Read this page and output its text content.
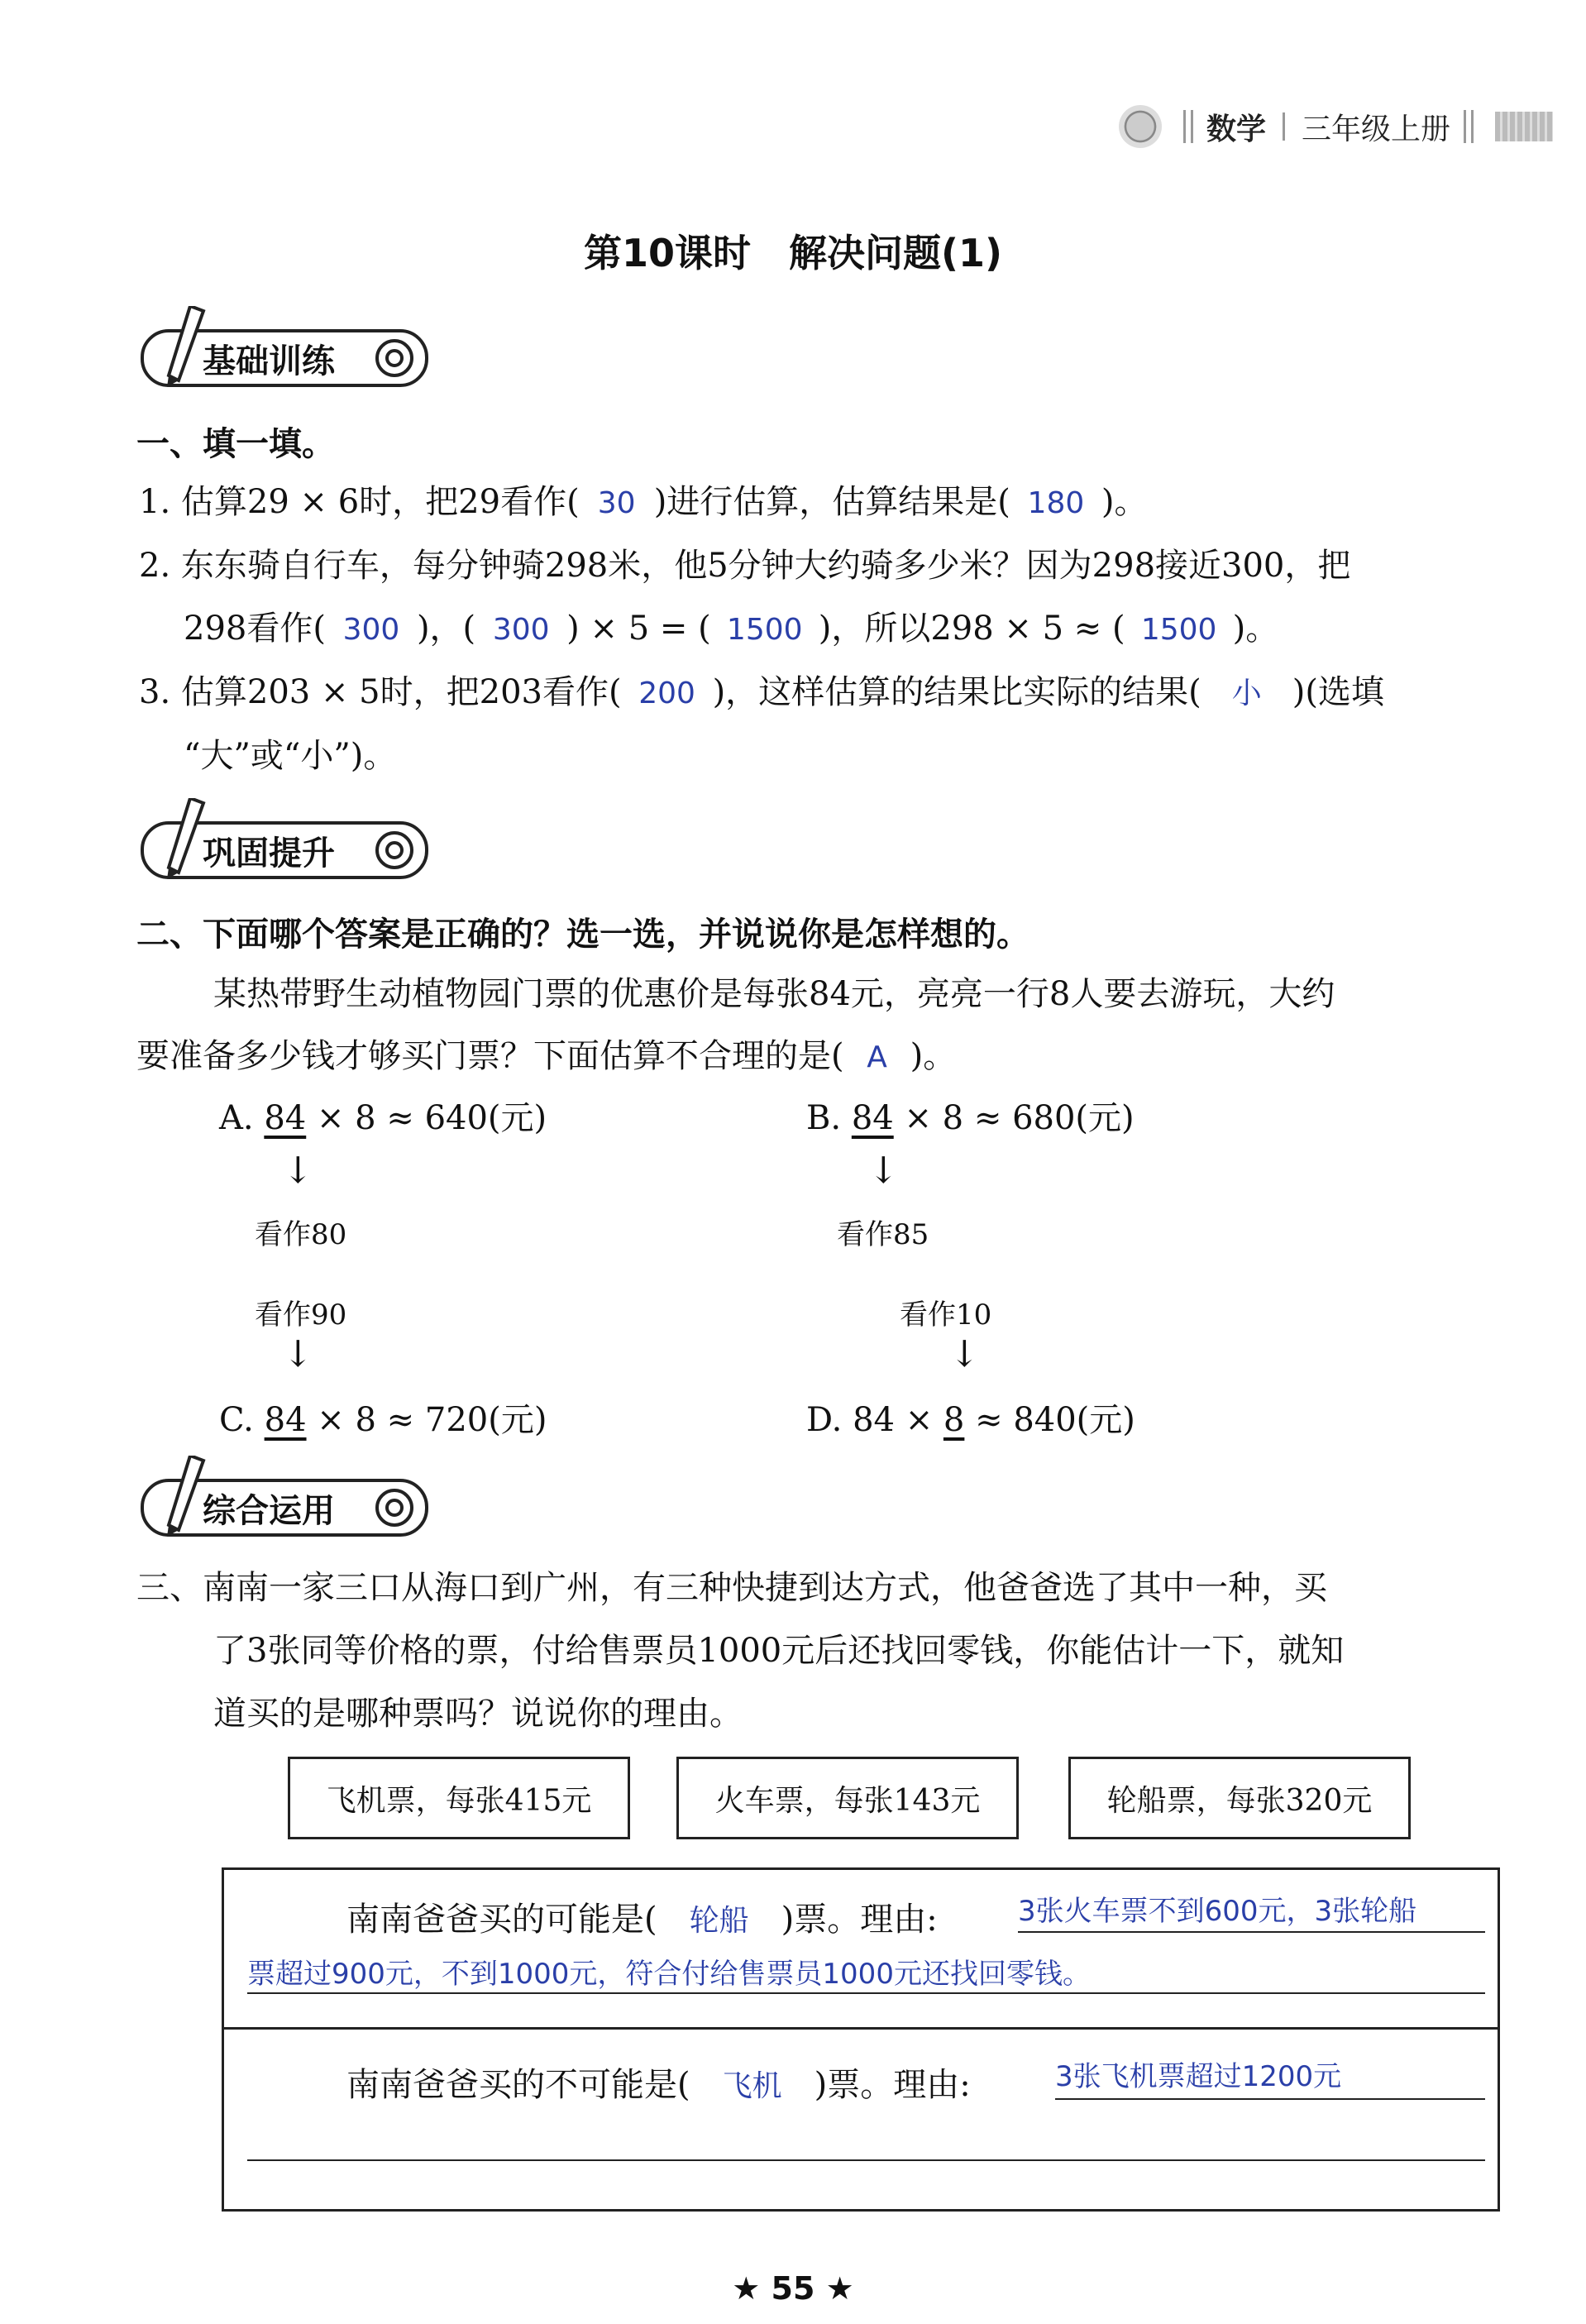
数学 三年级上册
第10课时　解决问题(1)
基础训练
一、填一填。
1. 估算29 × 6时，把29看作( 30 )进行估算，估算结果是( 180 )。
2. 东东骑自行车，每分钟骑298米，他5分钟大约骑多少米？因为298接近300，把
298看作( 300 )，( 300 ) × 5 = ( 1500 )，所以298 × 5 ≈ ( 1500 )。
3. 估算203 × 5时，把203看作( 200 )，这样估算的结果比实际的结果( 小 )(选填
“大”或“小”)。
巩固提升
二、下面哪个答案是正确的？选一选，并说说你是怎样想的。
某热带野生动植物园门票的优惠价是每张84元，亮亮一行8人要去游玩，大约
要准备多少钱才够买门票？下面估算不合理的是( A )。
A. 84 × 8 ≈ 640(元)
↓
看作80
B. 84 × 8 ≈ 680(元)
↓
看作85
看作90
↓
C. 84 × 8 ≈ 720(元)
看作10
↓
D. 84 × 8 ≈ 840(元)
综合运用
三、南南一家三口从海口到广州，有三种快捷到达方式，他爸爸选了其中一种，买
了3张同等价格的票，付给售票员1000元后还找回零钱，你能估计一下，就知
道买的是哪种票吗？说说你的理由。
飞机票，每张415元	火车票，每张143元	轮船票，每张320元
南南爸爸买的可能是( 轮船 )票。理由:	3张火车票不到600元，3张轮船
票超过900元，不到1000元，符合付给售票员1000元还找回零钱。
南南爸爸买的不可能是( 飞机 )票。理由:	3张飞机票超过1200元
★ 55 ★
